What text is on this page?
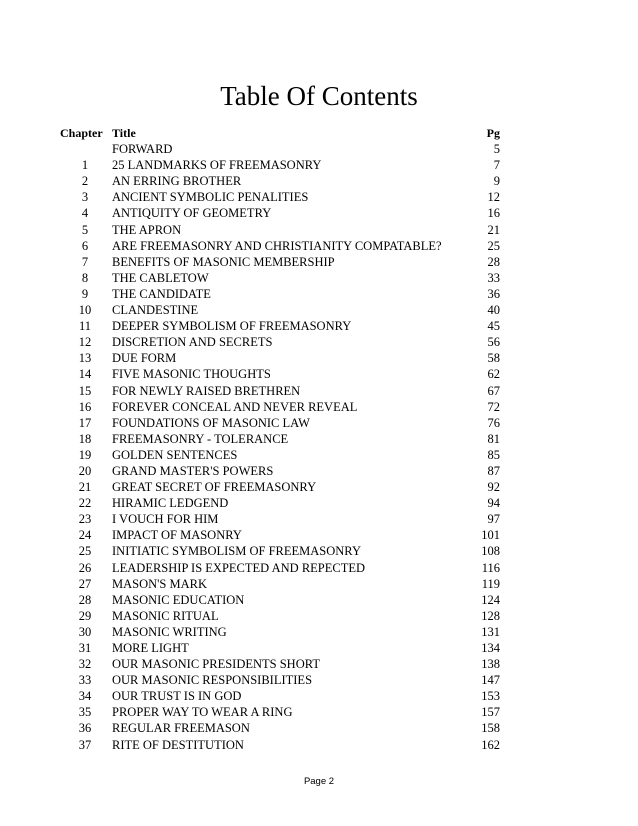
Table Of Contents
Chapter Title	Pg
FORWARD	5
1	25 LANDMARKS OF FREEMASONRY	7
2	AN ERRING BROTHER	9
3	ANCIENT SYMBOLIC PENALITIES	12
4	ANTIQUITY OF GEOMETRY	16
5	THE APRON	21
6	ARE FREEMASONRY AND CHRISTIANITY COMPATABLE?	25
7	BENEFITS OF MASONIC MEMBERSHIP	28
8	THE CABLETOW	33
9	THE CANDIDATE	36
10	CLANDESTINE	40
11	DEEPER SYMBOLISM OF FREEMASONRY	45
12	DISCRETION AND SECRETS	56
13	DUE FORM	58
14	FIVE MASONIC THOUGHTS	62
15	FOR NEWLY RAISED BRETHREN	67
16	FOREVER CONCEAL AND NEVER REVEAL	72
17	FOUNDATIONS OF MASONIC LAW	76
18	FREEMASONRY - TOLERANCE	81
19	GOLDEN SENTENCES	85
20	GRAND MASTER'S POWERS	87
21	GREAT SECRET OF FREEMASONRY	92
22	HIRAMIC LEDGEND	94
23	I VOUCH FOR HIM	97
24	IMPACT OF MASONRY	101
25	INITIATIC SYMBOLISM OF FREEMASONRY	108
26	LEADERSHIP IS EXPECTED AND REPECTED	116
27	MASON'S MARK	119
28	MASONIC EDUCATION	124
29	MASONIC RITUAL	128
30	MASONIC WRITING	131
31	MORE LIGHT	134
32	OUR MASONIC PRESIDENTS SHORT	138
33	OUR MASONIC RESPONSIBILITIES	147
34	OUR TRUST IS IN GOD	153
35	PROPER WAY TO WEAR A RING	157
36	REGULAR FREEMASON	158
37	RITE OF DESTITUTION	162
Page 2
